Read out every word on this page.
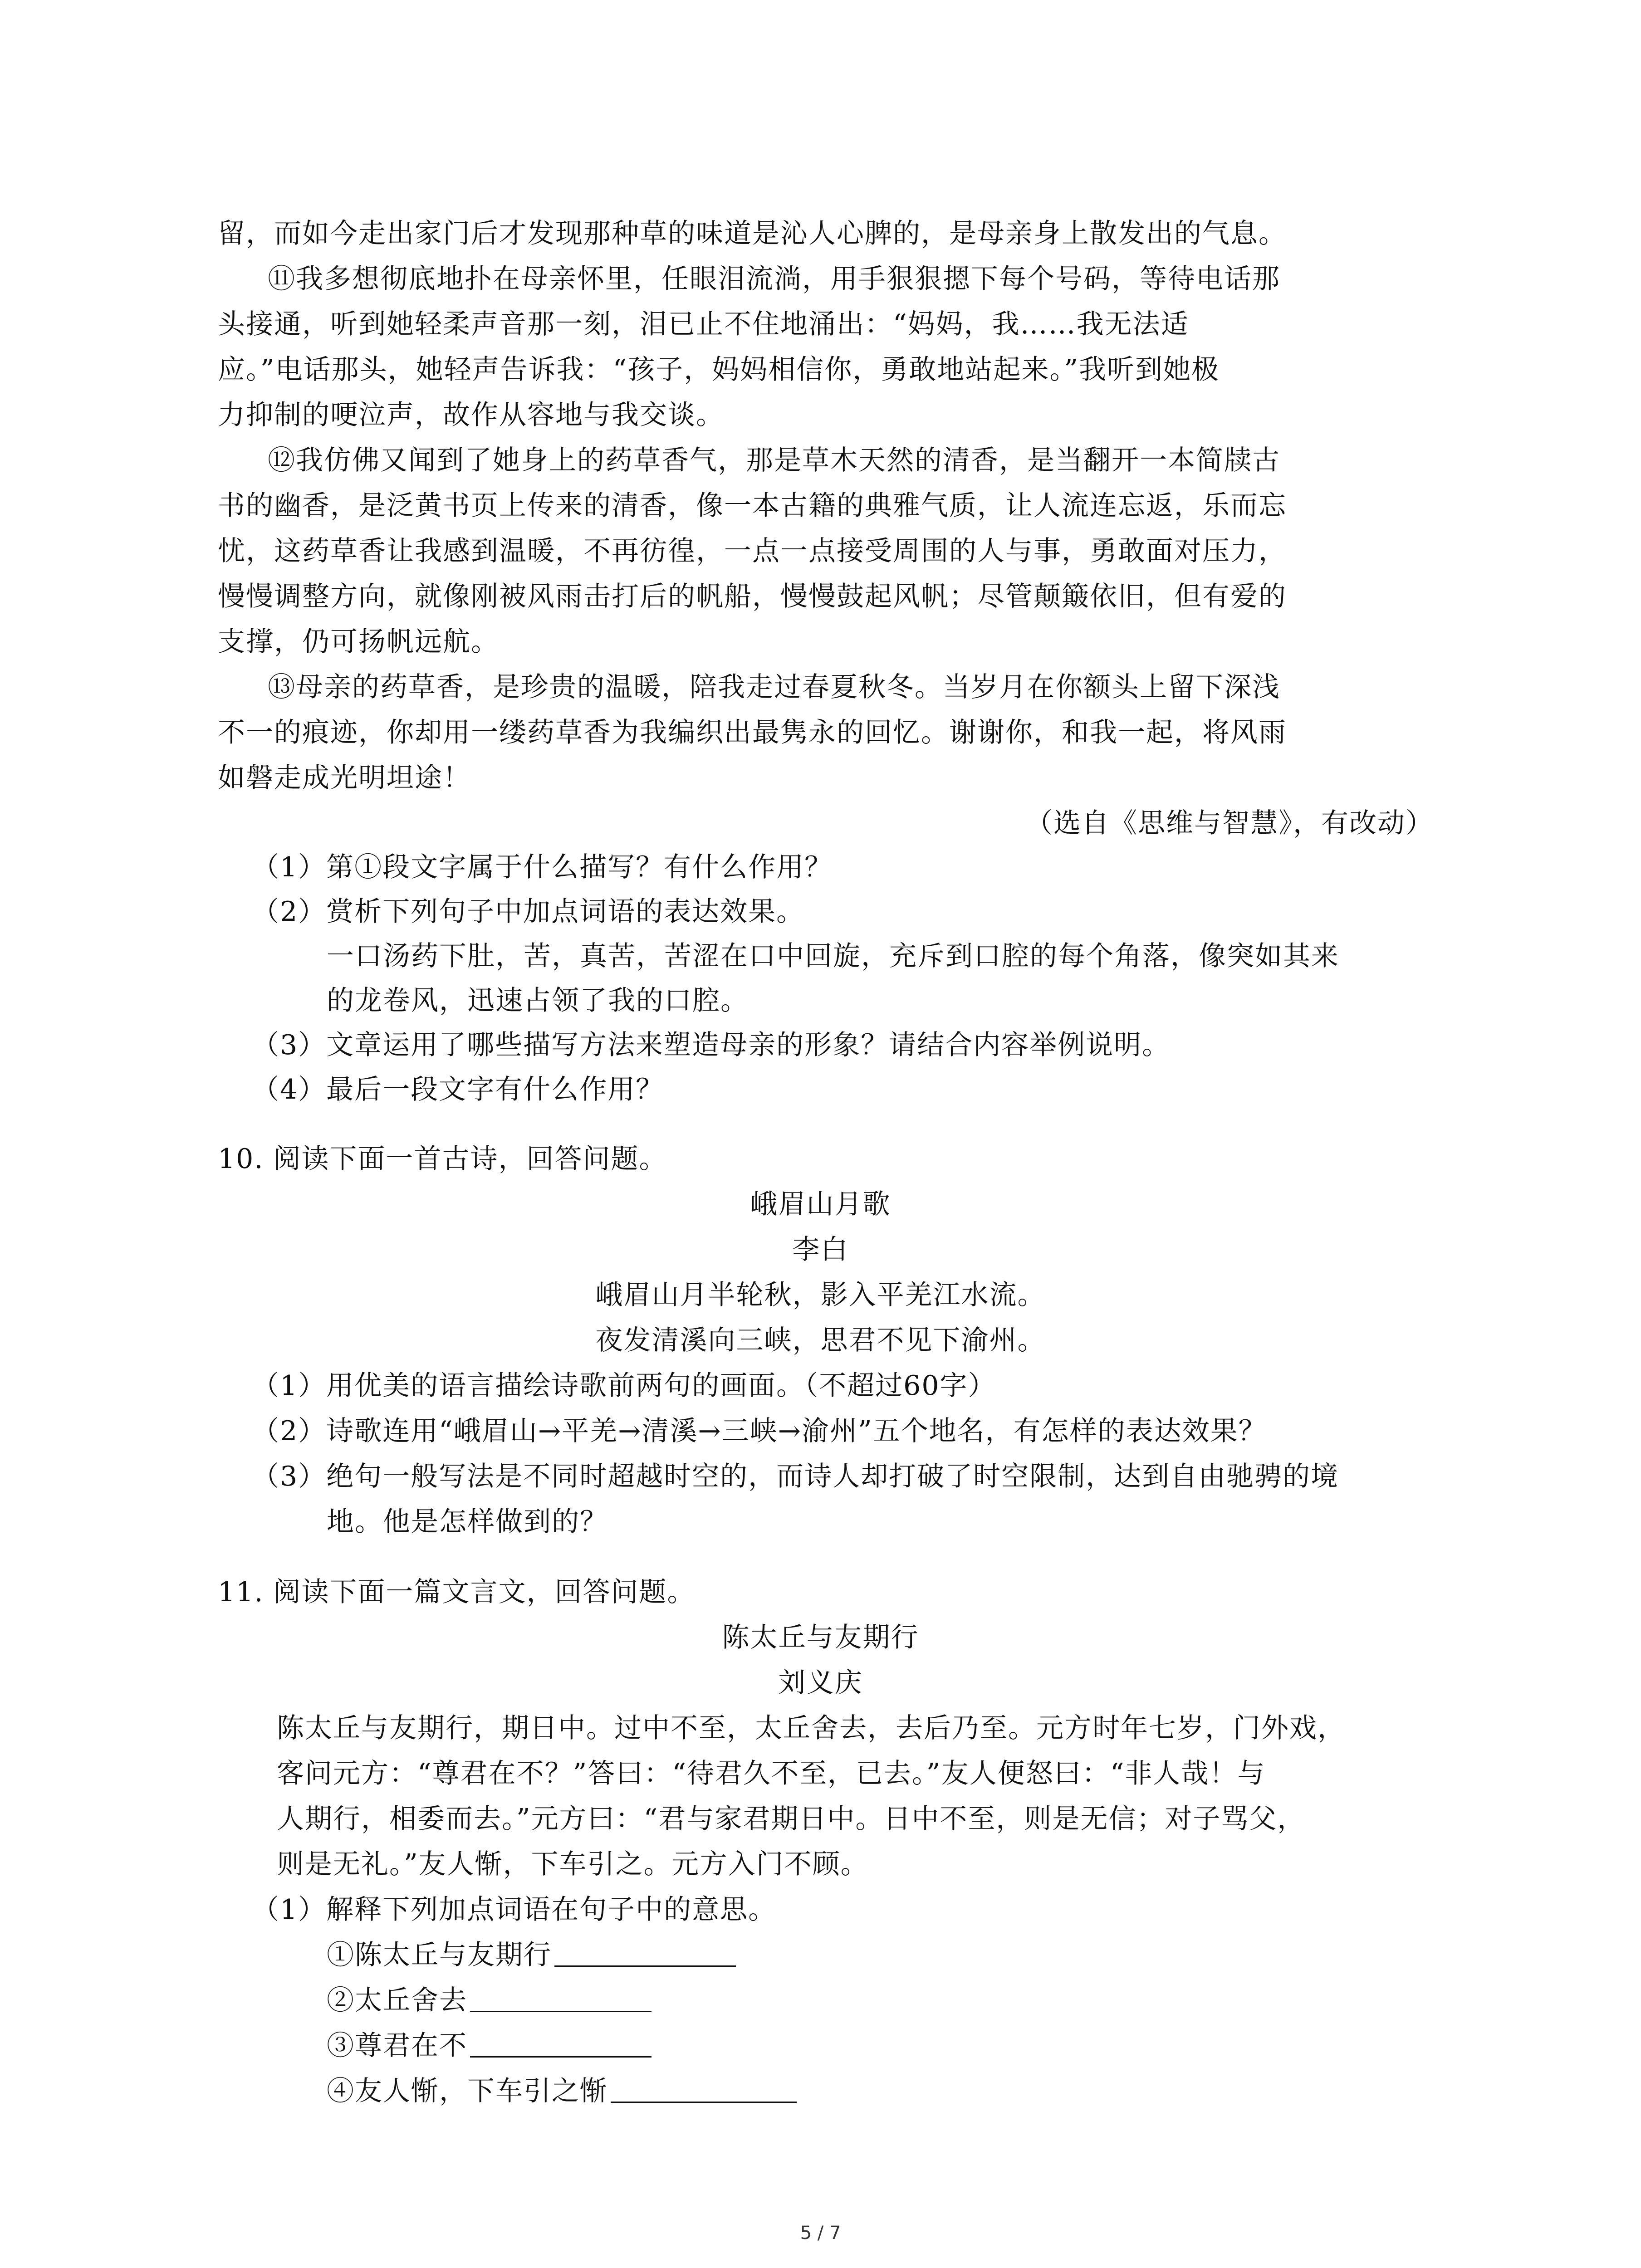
留，而如今走出家门后才发现那种草的味道是沁人心脾的，是母亲身上散发出的气息。
⑪我多想彻底地扑在母亲怀里，任眼泪流淌，用手狠狠摁下每个号码，等待电话那
头接通，听到她轻柔声音那一刻，泪已止不住地涌出：“妈妈，我……我无法适
应。”电话那头，她轻声告诉我：“孩子，妈妈相信你，勇敢地站起来。”我听到她极
力抑制的哽泣声，故作从容地与我交谈。
⑫我仿佛又闻到了她身上的药草香气，那是草木天然的清香，是当翻开一本简牍古
书的幽香，是泛黄书页上传来的清香，像一本古籍的典雅气质，让人流连忘返，乐而忘
忧，这药草香让我感到温暖，不再彷徨，一点一点接受周围的人与事，勇敢面对压力，
慢慢调整方向，就像刚被风雨击打后的帆船，慢慢鼓起风帆；尽管颠簸依旧，但有爱的
支撑，仍可扬帆远航。
⑬母亲的药草香，是珍贵的温暖，陪我走过春夏秋冬。当岁月在你额头上留下深浅
不一的痕迹，你却用一缕药草香为我编织出最隽永的回忆。谢谢你，和我一起，将风雨
如磐走成光明坦途！
（选自《思维与智慧》，有改动）
（1）第①段文字属于什么描写？有什么作用？
（2）赏析下列句子中加点词语的表达效果。
一口汤药下肚，苦，真苦，苦涩在口中回旋，充斥到口腔的每个角落，像突如其来
的龙卷风，迅速占领了我的口腔。
（3）文章运用了哪些描写方法来塑造母亲的形象？请结合内容举例说明。
（4）最后一段文字有什么作用？
10. 阅读下面一首古诗，回答问题。
峨眉山月歌
李白
峨眉山月半轮秋，影入平羌江水流。
夜发清溪向三峡，思君不见下渝州。
（1）用优美的语言描绘诗歌前两句的画面。（不超过60字）
（2）诗歌连用“峨眉山→平羌→清溪→三峡→渝州”五个地名，有怎样的表达效果？
（3）绝句一般写法是不同时超越时空的，而诗人却打破了时空限制，达到自由驰骋的境
地。他是怎样做到的？
11. 阅读下面一篇文言文，回答问题。
陈太丘与友期行
刘义庆
陈太丘与友期行，期日中。过中不至，太丘舍去，去后乃至。元方时年七岁，门外戏，
客问元方：“尊君在不？”答曰：“待君久不至，已去。”友人便怒曰：“非人哉！与
人期行，相委而去。”元方曰：“君与家君期日中。日中不至，则是无信；对子骂父，
则是无礼。”友人惭，下车引之。元方入门不顾。
（1）解释下列加点词语在句子中的意思。
①陈太丘与友期行
②太丘舍去
③尊君在不
④友人惭，下车引之惭
5 / 7
